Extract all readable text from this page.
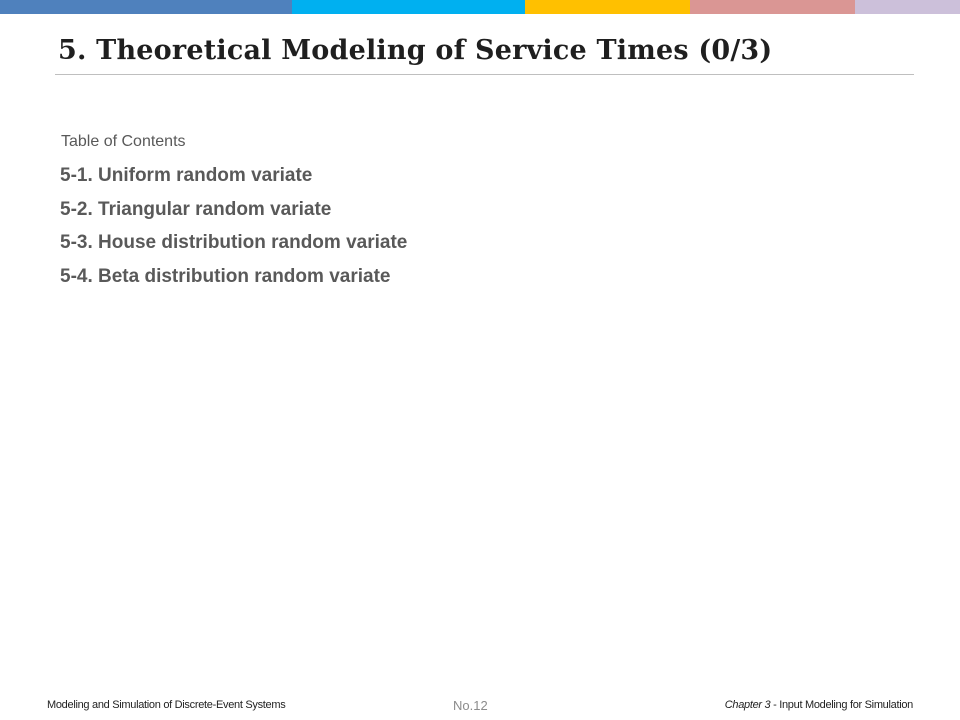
5. Theoretical Modeling of Service Times (0/3)
Table of Contents
5-1. Uniform random variate
5-2. Triangular random variate
5-3. House distribution random variate
5-4. Beta distribution random variate
Modeling and Simulation of Discrete-Event Systems	No.12	Chapter 3 - Input Modeling for Simulation
